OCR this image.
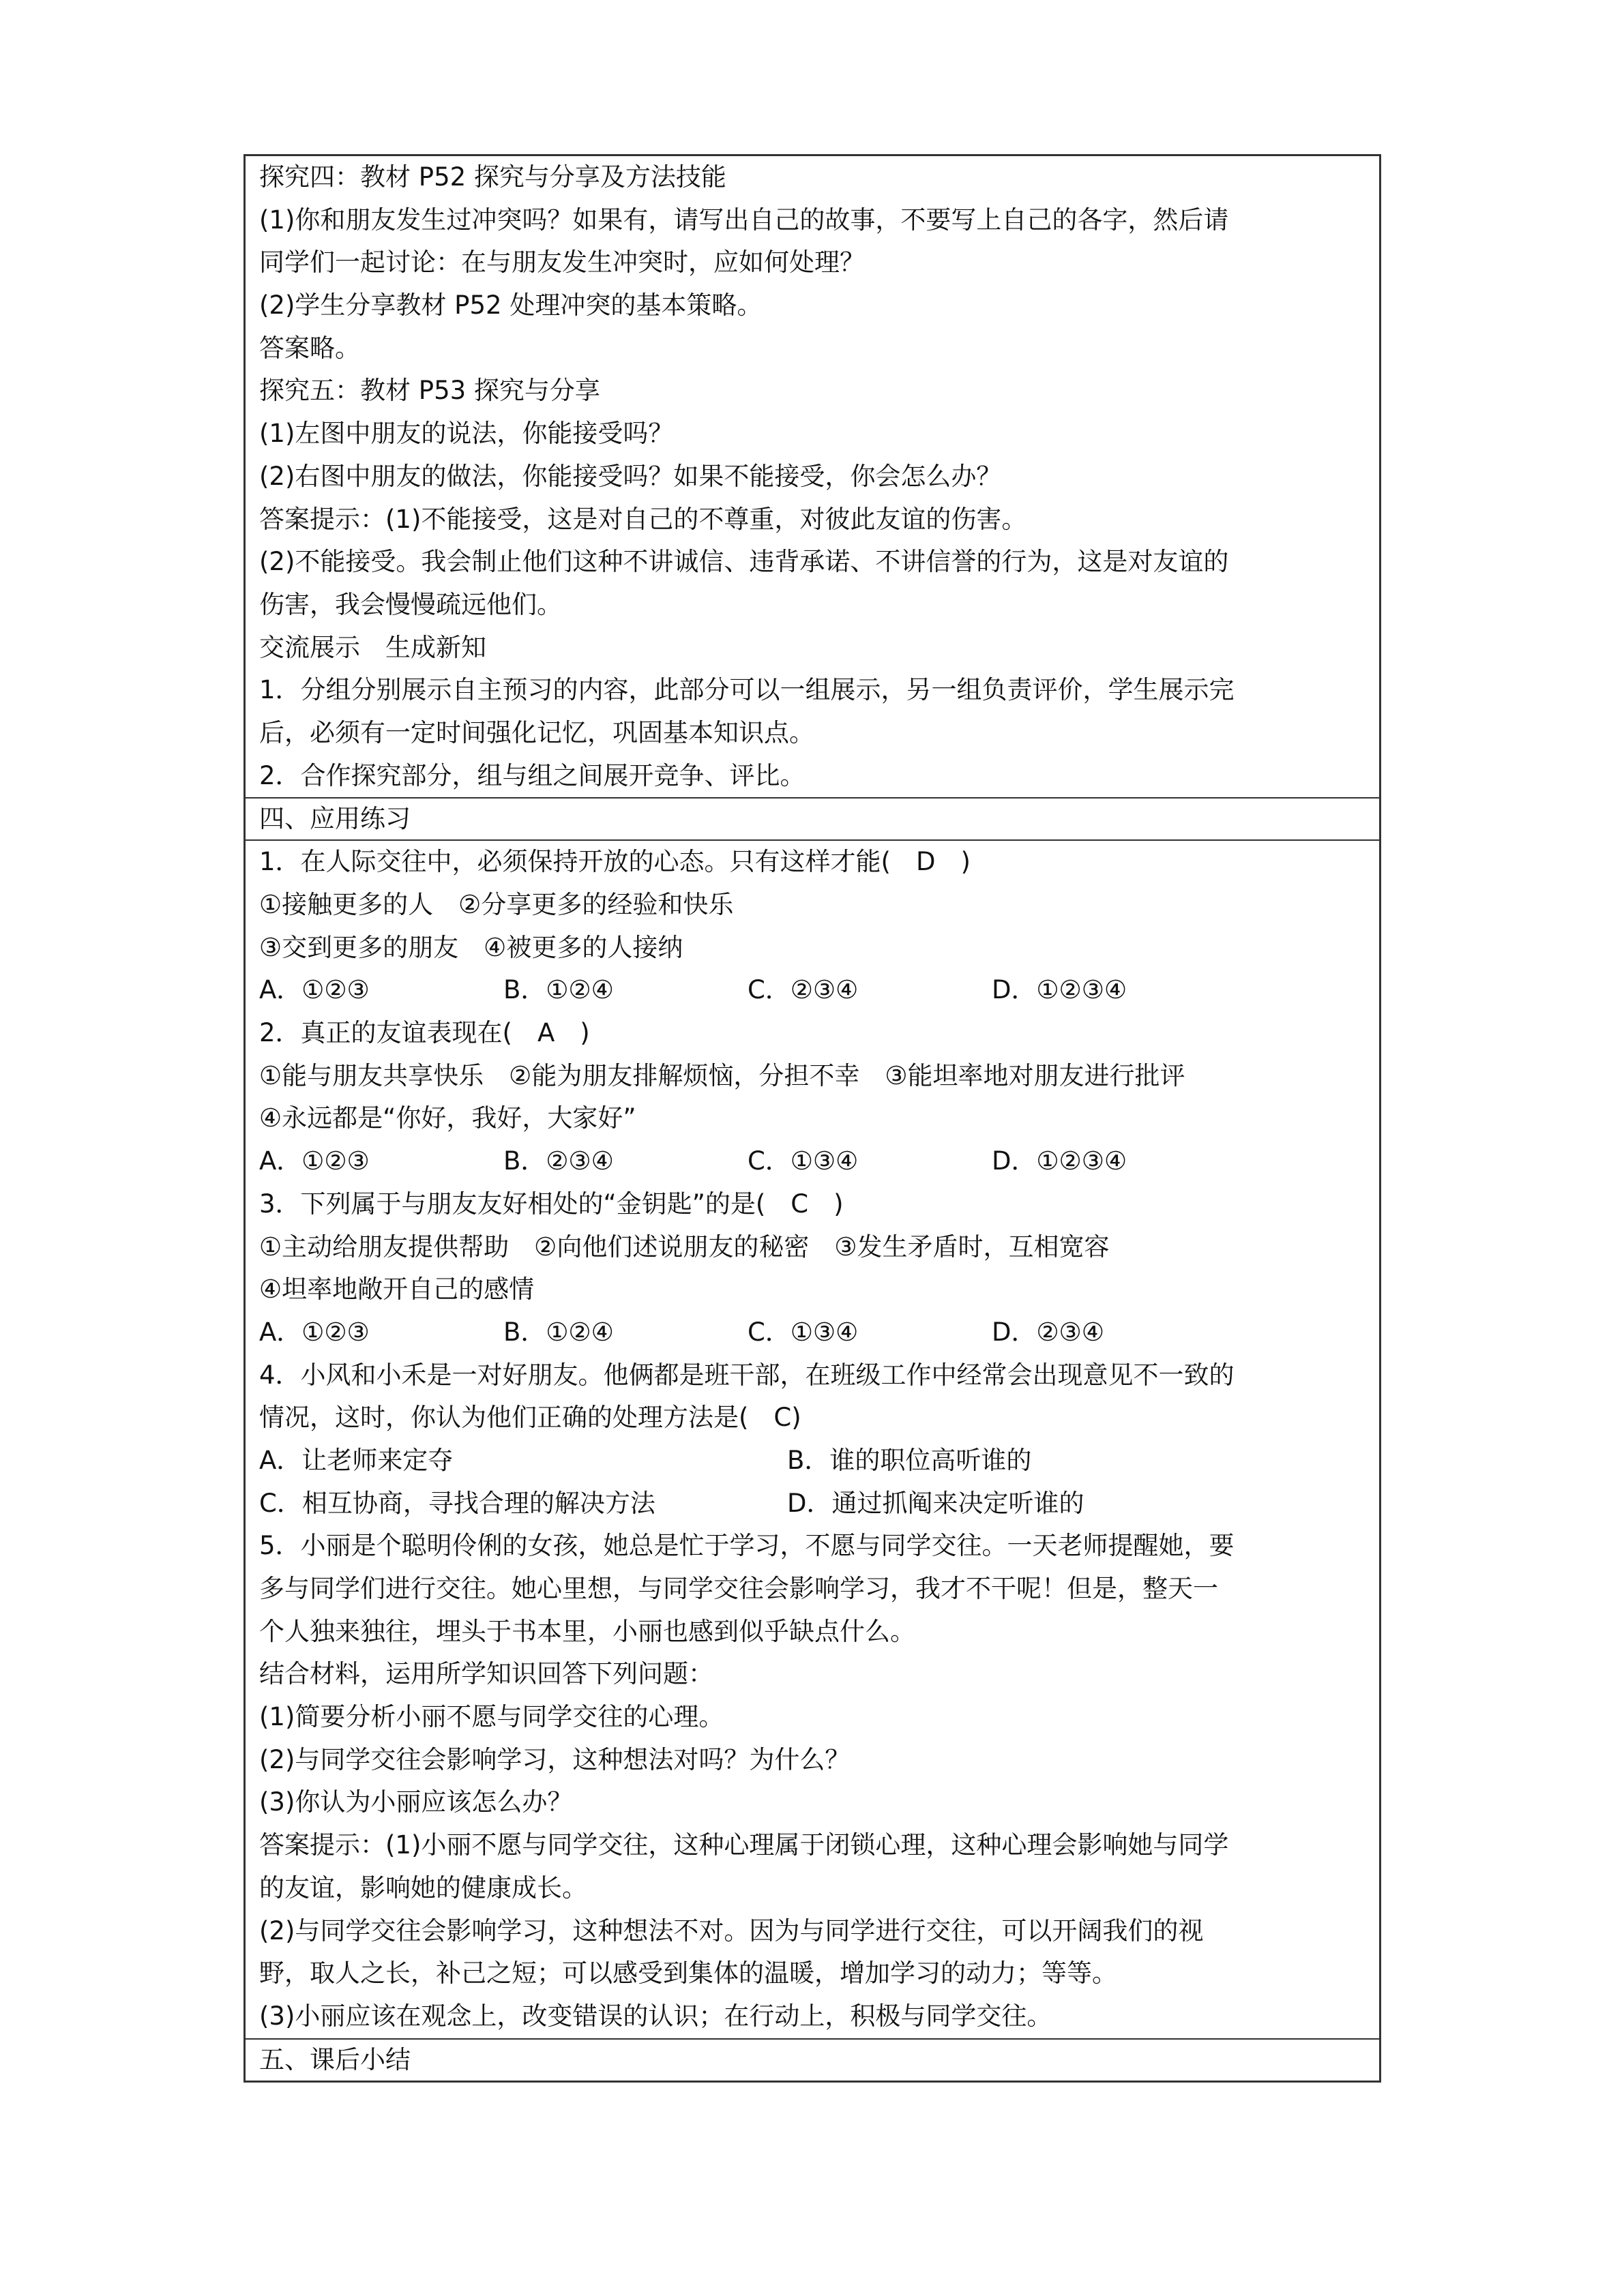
探究四：教材 P52 探究与分享及方法技能
(1)你和朋友发生过冲突吗？如果有，请写出自己的故事，不要写上自己的各字，然后请
同学们一起讨论：在与朋友发生冲突时，应如何处理？
(2)学生分享教材 P52 处理冲突的基本策略。
答案略。
探究五：教材 P53 探究与分享
(1)左图中朋友的说法，你能接受吗？
(2)右图中朋友的做法，你能接受吗？如果不能接受，你会怎么办？
答案提示：(1)不能接受，这是对自己的不尊重，对彼此友谊的伤害。
(2)不能接受。我会制止他们这种不讲诚信、违背承诺、不讲信誉的行为，这是对友谊的
伤害，我会慢慢疏远他们。
交流展示　生成新知
1．分组分别展示自主预习的内容，此部分可以一组展示，另一组负责评价，学生展示完
后，必须有一定时间强化记忆，巩固基本知识点。
2．合作探究部分，组与组之间展开竞争、评比。
四、应用练习
1．在人际交往中，必须保持开放的心态。只有这样才能(　D　)
①接触更多的人　②分享更多的经验和快乐
③交到更多的朋友　④被更多的人接纳
A．①②③	B．①②④	C．②③④	D．①②③④
2．真正的友谊表现在(　A　)
①能与朋友共享快乐　②能为朋友排解烦恼，分担不幸　③能坦率地对朋友进行批评
④永远都是“你好，我好，大家好”
A．①②③	B．②③④	C．①③④	D．①②③④
3．下列属于与朋友友好相处的“金钥匙”的是(　C　)
①主动给朋友提供帮助　②向他们述说朋友的秘密　③发生矛盾时，互相宽容
④坦率地敞开自己的感情
A．①②③	B．①②④	C．①③④	D．②③④
4．小风和小禾是一对好朋友。他俩都是班干部，在班级工作中经常会出现意见不一致的
情况，这时，你认为他们正确的处理方法是(　C)
A．让老师来定夺	B．谁的职位高听谁的
C．相互协商，寻找合理的解决方法	D．通过抓阄来决定听谁的
5．小丽是个聪明伶俐的女孩，她总是忙于学习，不愿与同学交往。一天老师提醒她，要
多与同学们进行交往。她心里想，与同学交往会影响学习，我才不干呢！但是，整天一
个人独来独往，埋头于书本里，小丽也感到似乎缺点什么。
结合材料，运用所学知识回答下列问题：
(1)简要分析小丽不愿与同学交往的心理。
(2)与同学交往会影响学习，这种想法对吗？为什么？
(3)你认为小丽应该怎么办？
答案提示：(1)小丽不愿与同学交往，这种心理属于闭锁心理，这种心理会影响她与同学
的友谊，影响她的健康成长。
(2)与同学交往会影响学习，这种想法不对。因为与同学进行交往，可以开阔我们的视
野，取人之长，补己之短；可以感受到集体的温暖，增加学习的动力；等等。
(3)小丽应该在观念上，改变错误的认识；在行动上，积极与同学交往。
五、课后小结
